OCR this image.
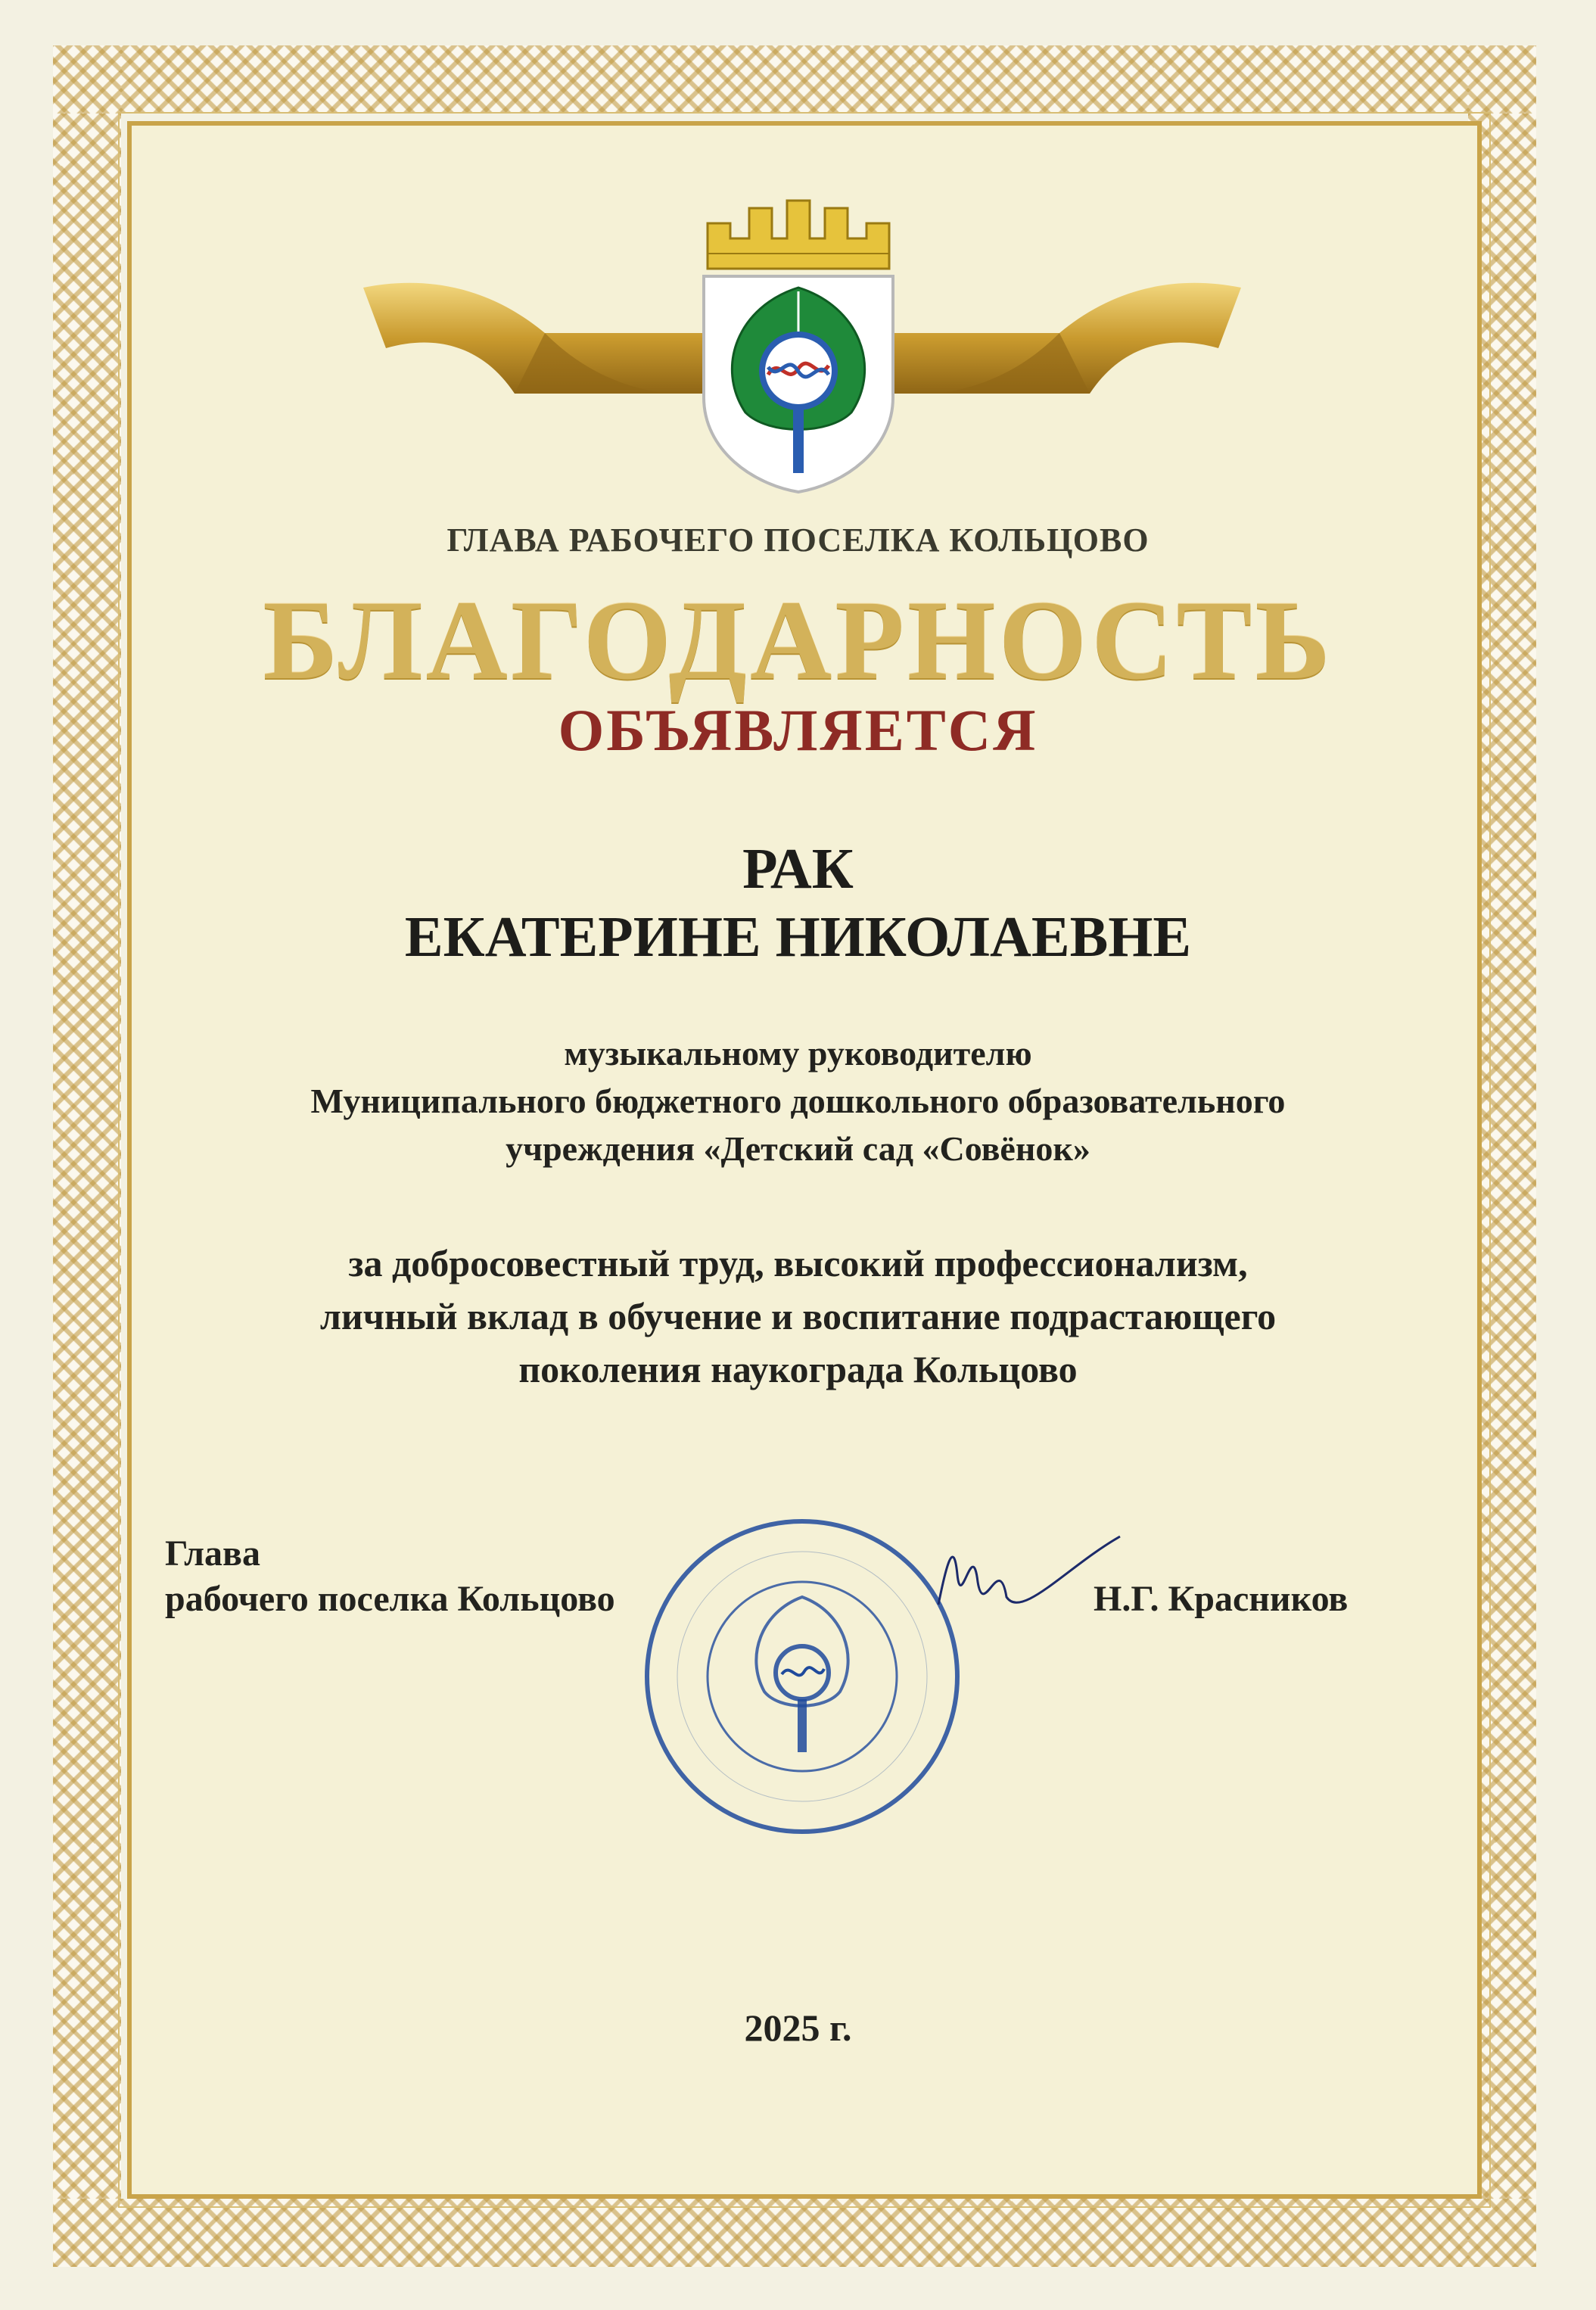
ГЛАВА РАБОЧЕГО ПОСЕЛКА КОЛЬЦОВО

БЛАГОДАРНОСТЬ

ОБЪЯВЛЯЕТСЯ

РАК

ЕКАТЕРИНЕ НИКОЛАЕВНЕ

музыкальному руководителю

Муниципального бюджетного дошкольного образовательного

учреждения «Детский сад «Совёнок»

за добросовестный труд, высокий профессионализм,

личный вклад в обучение и воспитание подрастающего

поколения наукограда Кольцово

Глава

рабочего поселка Кольцово	Н.Г. Красников

2025 г.
